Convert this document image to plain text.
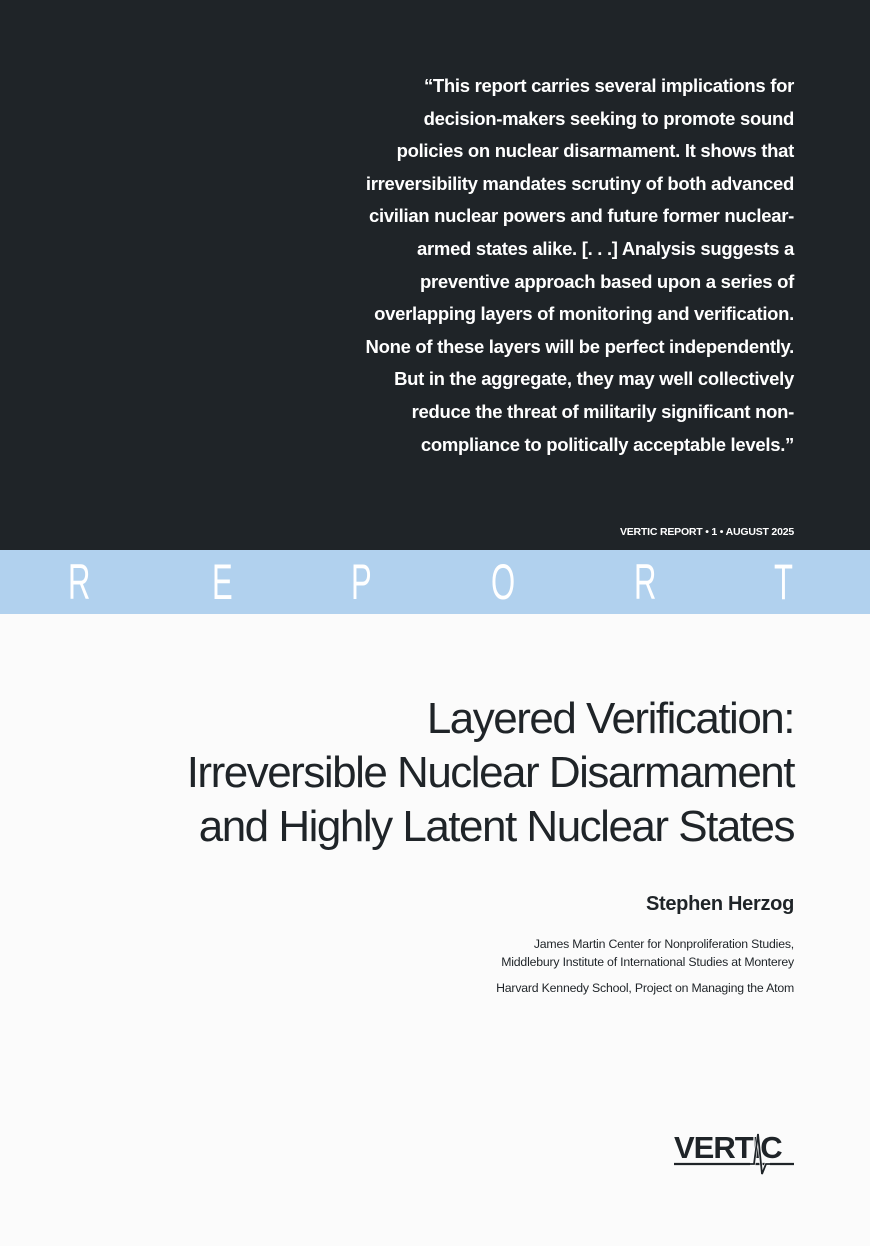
“This report carries several implications for
decision-makers seeking to promote sound
policies on nuclear disarmament. It shows that
irreversibility mandates scrutiny of both advanced
civilian nuclear powers and future former nuclear-
armed states alike. [. . .] Analysis suggests a
preventive approach based upon a series of
overlapping layers of monitoring and verification.
None of these layers will be perfect independently.
But in the aggregate, they may well collectively
reduce the threat of militarily significant non-
compliance to politically acceptable levels.”

VERTIC REPORT • 1 • AUGUST 2025
R E P O R T
Layered Verification:
Irreversible Nuclear Disarmament
and Highly Latent Nuclear States
Stephen Herzog
James Martin Center for Nonproliferation Studies,
Middlebury Institute of International Studies at Monterey
Harvard Kennedy School, Project on Managing the Atom
VERTIC
